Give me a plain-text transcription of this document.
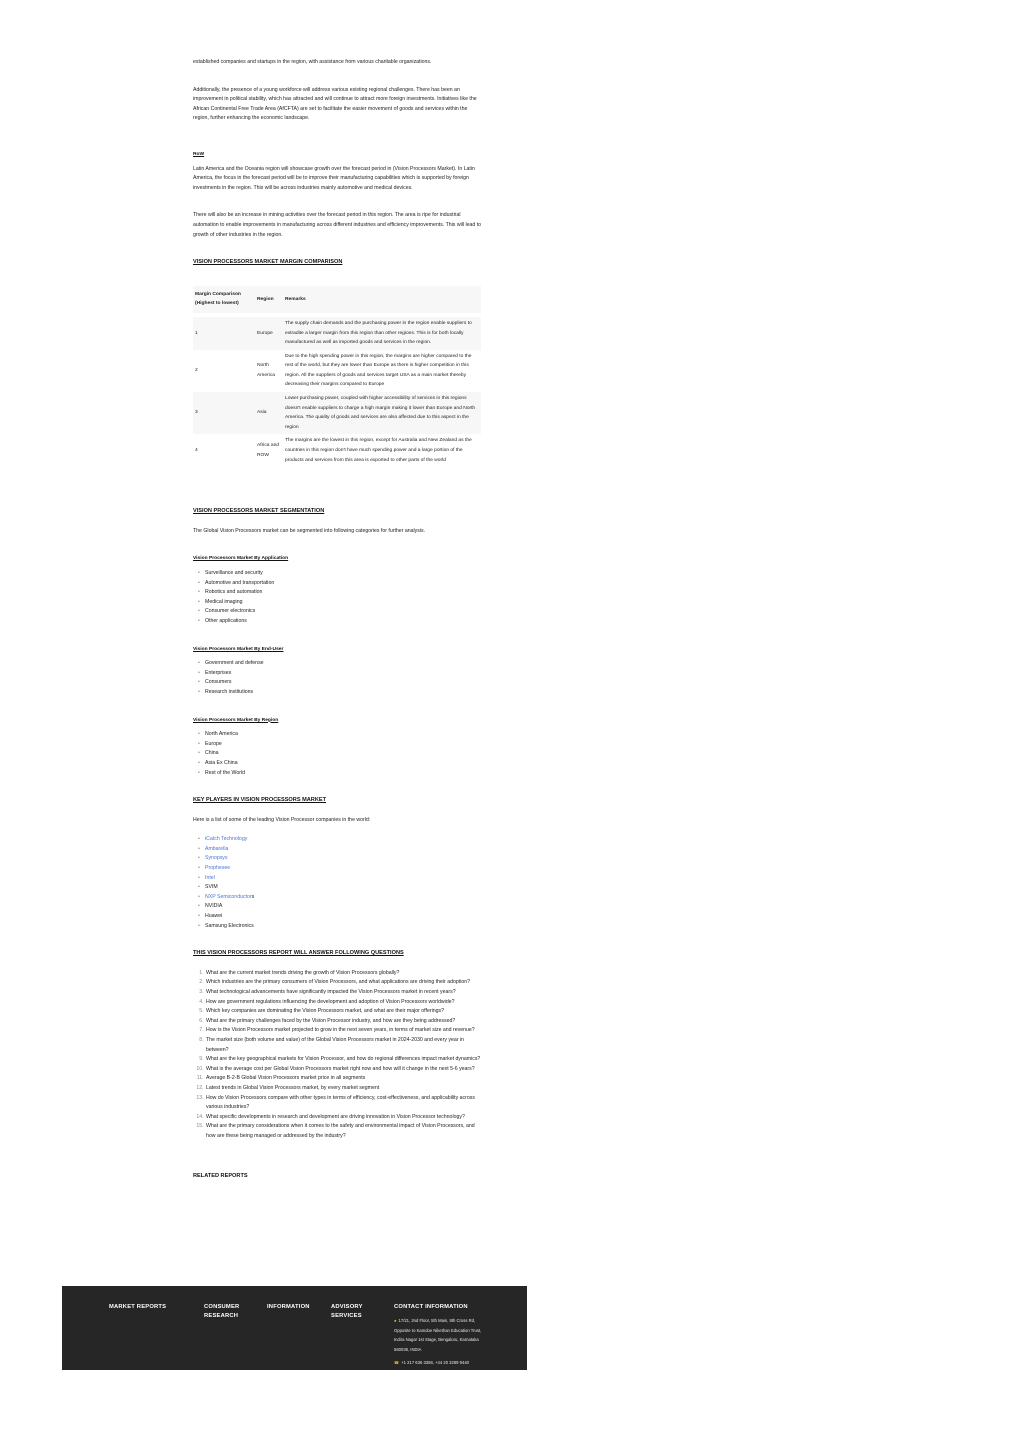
established companies and startups in the region, with assistance from various charitable organizations.

Additionally, the presence of a young workforce will address various existing regional challenges. There has been an improvement in political stability, which has attracted and will continue to attract more foreign investments. Initiatives like the African Continental Free Trade Area (AfCFTA) are set to facilitate the easier movement of goods and services within the region, further enhancing the economic landscape.

RoW

Latin America and the Oceania region will showcase growth over the forecast period in (Vision Processors Market). In Latin America, the focus in the forecast period will be to improve their manufacturing capabilities which is supported by foreign investments in the region. This will be across industries mainly automotive and medical devices.

There will also be an increase in mining activities over the forecast period in this region. The area is ripe for industrial automation to enable improvements in manufacturing across different industries and efficiency improvements. This will lead to growth of other industries in the region.

VISION PROCESSORS MARKET MARGIN COMPARISON
Margin Comparison (Highest to lowest)	Region	Remarks

1	Europe	The supply chain demands and the purchasing power in the region enable suppliers to extradite a larger margin from this region than other regions. This is for both locally manufactured as well as imported goods and services in the region.
2	North America	Due to the high spending power in this region, the margins are higher compared to the rest of the world, but they are lower than Europe as there is higher competition in this region. All the suppliers of goods and services target USA as a main market thereby decreasing their margins compared to Europe
3	Asia	Lower purchasing power, coupled with higher accessibility of services in this regions doesn't enable suppliers to charge a high margin making it lower than Europe and North America. The quality of goods and services are also affected due to this aspect in the region
4	Africa and ROW	The margins are the lowest in this region, except for Australia and New Zealand as the countries in this region don't have much spending power and a large portion of the products and services from this area is exported to other parts of the world
VISION PROCESSORS MARKET SEGMENTATION

The Global Vision Processors market can be segmented into following categories for further analysis.

Vision Processors Market By Application
• Surveillance and security
• Automotive and transportation
• Robotics and automation
• Medical imaging
• Consumer electronics
• Other applications
Vision Processors Market By End-User
• Government and defense
• Enterprises
• Consumers
• Research institutions
Vision Processors Market By Region
• North America
• Europe
• China
• Asia Ex China
• Rest of the World
KEY PLAYERS IN VISION PROCESSORS MARKET

Here is a list of some of the leading Vision Processor companies in the world:

• iCatch Technology
• Ambarella
• Synopsys
• Prophesee
• Intel
• SVIM
• NXP Semiconductors
• NVIDIA
• Huawei
• Samsung Electronics
THIS VISION PROCESSORS REPORT WILL ANSWER FOLLOWING QUESTIONS
1. What are the current market trends driving the growth of Vision Processors globally?
2. Which industries are the primary consumers of Vision Processors, and what applications are driving their adoption?
3. What technological advancements have significantly impacted the Vision Processors market in recent years?
4. How are government regulations influencing the development and adoption of Vision Processors worldwide?
5. Which key companies are dominating the Vision Processors market, and what are their major offerings?
6. What are the primary challenges faced by the Vision Processor industry, and how are they being addressed?
7. How is the Vision Processors market projected to grow in the next seven years, in terms of market size and revenue?
8. The market size (both volume and value) of the Global Vision Processors market in 2024-2030 and every year in between?
9. What are the key geographical markets for Vision Processor, and how do regional differences impact market dynamics?
10. What is the average cost per Global Vision Processors market right now and how will it change in the next 5-6 years?
11. Average B-2-B Global Vision Processors market price in all segments
12. Latest trends in Global Vision Processors market, by every market segment
13. How do Vision Processors compare with other types in terms of efficiency, cost-effectiveness, and applicability across various industries?
14. What specific developments in research and development are driving innovation in Vision Processor technology?
15. What are the primary considerations when it comes to the safety and environmental impact of Vision Processors, and how are these being managed or addressed by the industry?
RELATED REPORTS
MARKET REPORTS	CONSUMER
RESEARCH
INFORMATION	ADVISORY
SERVICES
CONTACT INFORMATION
● 17/21, 2nd Floor, 5th Main, 9th Cross Rd, Opposite to Kamdoe Nikethan Education Trust, Indira Nagar 1st Stage, Bengaluru, Karnataka 560038, INDIA
☎ +1 217 636 3356, +44 20 3289 9440
